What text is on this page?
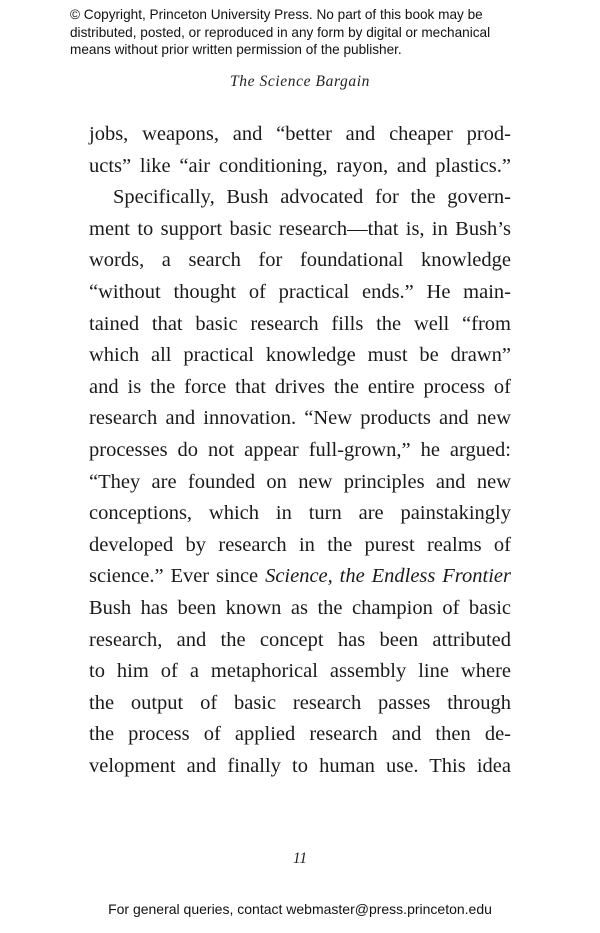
© Copyright, Princeton University Press. No part of this book may be
distributed, posted, or reproduced in any form by digital or mechanical
means without prior written permission of the publisher.
The Science Bargain
jobs, weapons, and “better and cheaper prod-
ucts” like “air conditioning, rayon, and plastics.”
Specifically, Bush advocated for the govern-
ment to support basic research—that is, in Bush’s
words, a search for foundational knowledge
“without thought of practical ends.” He main-
tained that basic research fills the well “from
which all practical knowledge must be drawn”
and is the force that drives the entire process of
research and innovation. “New products and new
processes do not appear full-grown,” he argued:
“They are founded on new principles and new
conceptions, which in turn are painstakingly
developed by research in the purest realms of
science.” Ever since Science, the Endless Frontier
Bush has been known as the champion of basic
research, and the concept has been attributed
to him of a metaphorical assembly line where
the output of basic research passes through
the process of applied research and then de-
velopment and finally to human use. This idea
11
For general queries, contact webmaster@press.princeton.edu
